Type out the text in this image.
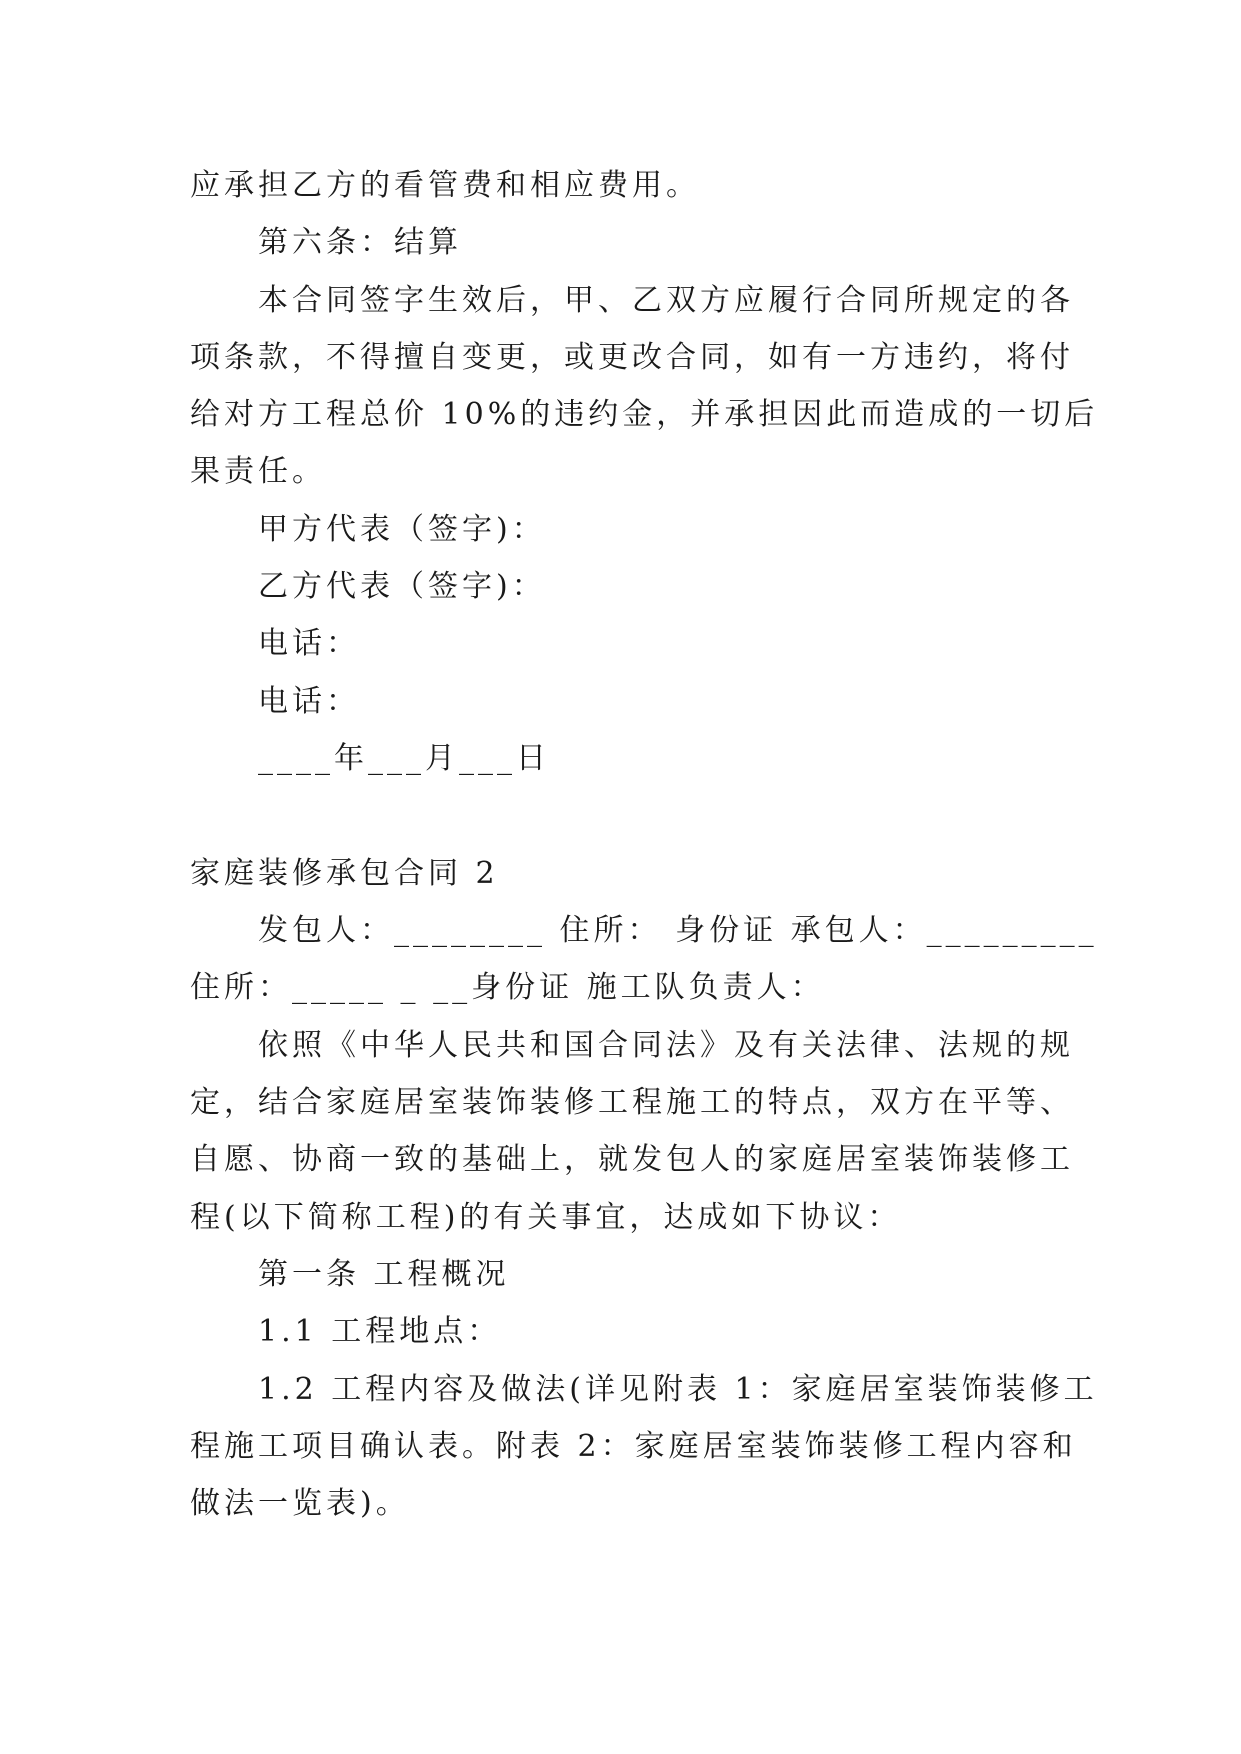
应承担乙方的看管费和相应费用。

第六条：结算

本合同签字生效后，甲、乙双方应履行合同所规定的各

项条款，不得擅自变更，或更改合同，如有一方违约，将付

给对方工程总价 10%的违约金，并承担因此而造成的一切后

果责任。

甲方代表（签字)：

乙方代表（签字)：

电话：

电话：

____年___月___日

家庭装修承包合同 2

发包人：________ 住所： 身份证 承包人：_________

住所：_____ _ __身份证 施工队负责人：

依照《中华人民共和国合同法》及有关法律、法规的规

定，结合家庭居室装饰装修工程施工的特点，双方在平等、

自愿、协商一致的基础上，就发包人的家庭居室装饰装修工

程(以下简称工程)的有关事宜，达成如下协议：

第一条 工程概况

1.1 工程地点：

1.2 工程内容及做法(详见附表 1：家庭居室装饰装修工

程施工项目确认表。附表 2：家庭居室装饰装修工程内容和

做法一览表)。
